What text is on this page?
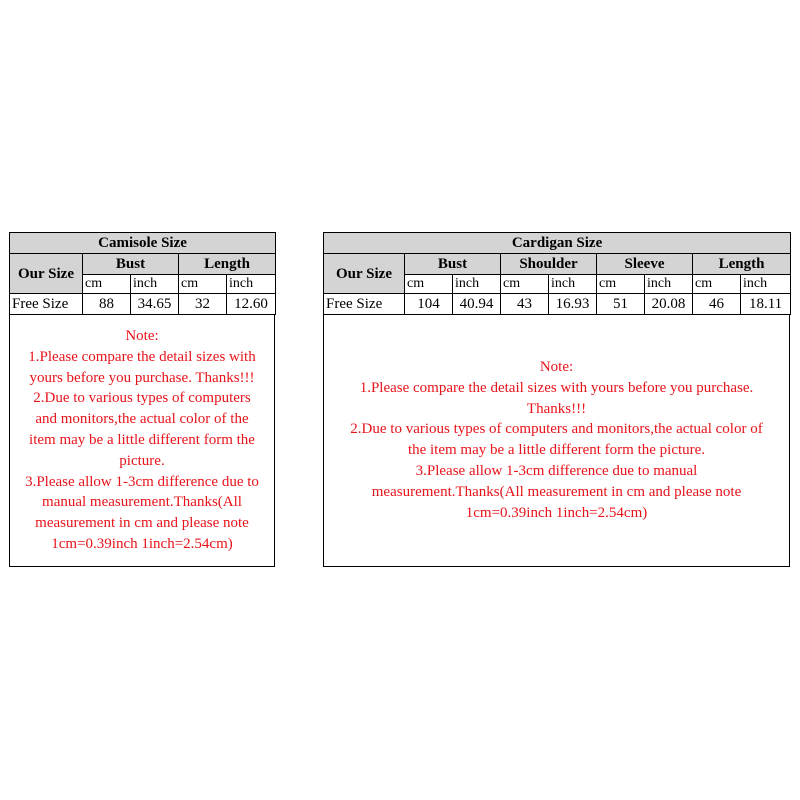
Camisole Size				
Our Size	Bust		Length	
	cm	inch	cm	inch
Free Size	88	34.65	32	12.60
Note:
1.Please compare the detail sizes with
yours before you purchase. Thanks!!!
2.Due to various types of computers
and monitors,the actual color of the
item may be a little different form the
picture.
3.Please allow 1-3cm difference due to
manual measurement.Thanks(All
measurement in cm and please note
1cm=0.39inch 1inch=2.54cm)
Cardigan Size								
Our Size	Bust		Shoulder		Sleeve		Length	
	cm	inch	cm	inch	cm	inch	cm	inch
Free Size	104	40.94	43	16.93	51	20.08	46	18.11
Note:
1.Please compare the detail sizes with yours before you purchase.
Thanks!!!
2.Due to various types of computers and monitors,the actual color of
the item may be a little different form the picture.
3.Please allow 1-3cm difference due to manual
measurement.Thanks(All measurement in cm and please note
1cm=0.39inch 1inch=2.54cm)
